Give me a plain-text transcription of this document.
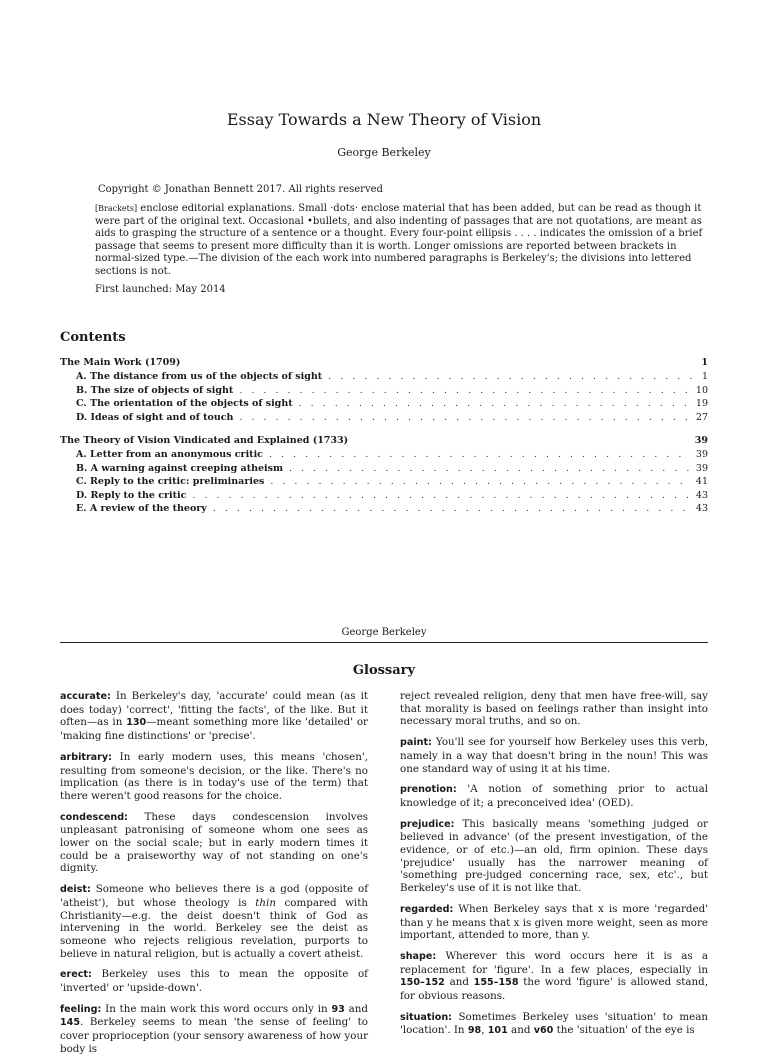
Essay Towards a New Theory of Vision
George Berkeley
Copyright © Jonathan Bennett 2017. All rights reserved
[Brackets] enclose editorial explanations. Small ·dots· enclose material that has been added, but can be read as though it were part of the original text. Occasional •bullets, and also indenting of passages that are not quotations, are meant as aids to grasping the structure of a sentence or a thought. Every four-point ellipsis . . . . indicates the omission of a brief passage that seems to present more difficulty than it is worth. Longer omissions are reported between brackets in normal-sized type.—The division of the each work into numbered paragraphs is Berkeley's; the divisions into lettered sections is not.
First launched: May 2014
Contents
The Main Work (1709)	1
A. The distance from us of the objects of sight . . .	1
B. The size of objects of sight . . .	10
C. The orientation of the objects of sight . . .	19
D. Ideas of sight and of touch . . .	27
The Theory of Vision Vindicated and Explained (1733)	39
A. Letter from an anonymous critic . . .	39
B. A warning against creeping atheism . . .	39
C. Reply to the critic: preliminaries . . .	41
D. Reply to the critic . . .	43
E. A review of the theory . . .	43
George Berkeley
Glossary

accurate: In Berkeley's day, 'accurate' could mean (as it does today) 'correct', 'fitting the facts', of the like. But it often—as in 130—meant something more like 'detailed' or 'making fine distinctions' or 'precise'.

arbitrary: In early modern uses, this means 'chosen', resulting from someone's decision, or the like. There's no implication (as there is in today's use of the term) that there weren't good reasons for the choice.

condescend: These days condescension involves unpleasant patronising of someone whom one sees as lower on the social scale; but in early modern times it could be a praiseworthy way of not standing on one's dignity.

deist: Someone who believes there is a god (opposite of 'atheist'), but whose theology is thin compared with Christianity—e.g. the deist doesn't think of God as intervening in the world. Berkeley see the deist as someone who rejects religious revelation, purports to believe in natural religion, but is actually a covert atheist.

erect: Berkeley uses this to mean the opposite of 'inverted' or 'upside-down'.

feeling: In the main work this word occurs only in 93 and 145. Berkeley seems to mean 'the sense of feeling' to cover proprioception (your sensory awareness of how your body is

reject revealed religion, deny that men have free-will, say that morality is based on feelings rather than insight into necessary moral truths, and so on.

paint: You'll see for yourself how Berkeley uses this verb, namely in a way that doesn't bring in the noun! This was one standard way of using it at his time.

prenotion: 'A notion of something prior to actual knowledge of it; a preconceived idea' (OED).

prejudice: This basically means 'something judged or believed in advance' (of the present investigation, of the evidence, or of etc.)—an old, firm opinion. These days 'prejudice' usually has the narrower meaning of 'something pre-judged concerning race, sex, etc'., but Berkeley's use of it is not like that.

regarded: When Berkeley says that x is more 'regarded' than y he means that x is given more weight, seen as more important, attended to more, than y.

shape: Wherever this word occurs here it is as a replacement for 'figure'. In a few places, especially in 150–152 and 155–158 the word 'figure' is allowed stand, for obvious reasons.

situation: Sometimes Berkeley uses 'situation' to mean 'location'. In 98, 101 and v60 the 'situation' of the eye is
